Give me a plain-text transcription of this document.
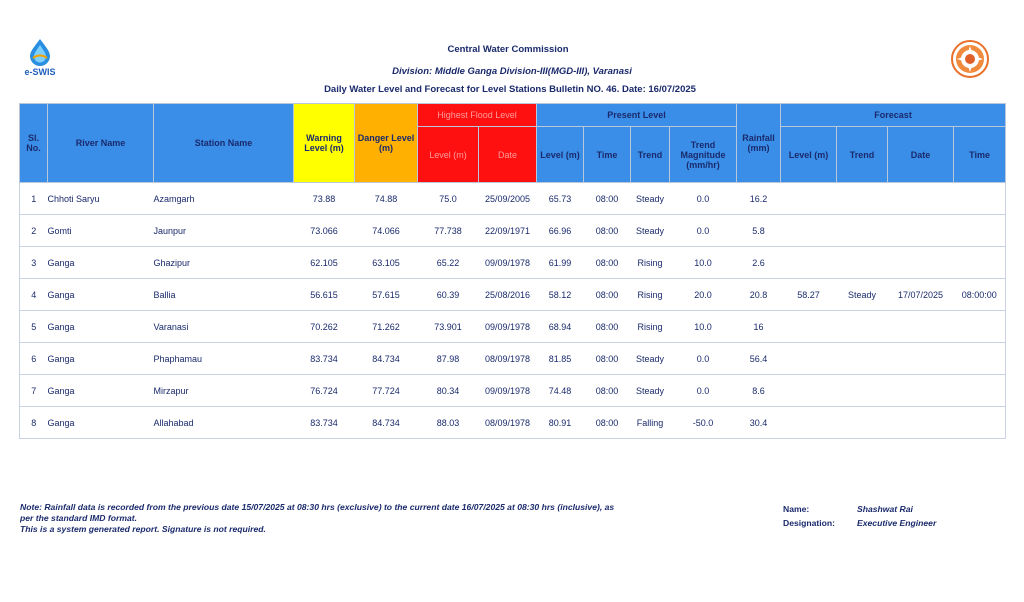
e-SWIS
Central Water Commission
Division: Middle Ganga Division-III(MGD-III), Varanasi
Daily Water Level and Forecast for Level Stations Bulletin NO. 46. Date: 16/07/2025
Sl. No.	River Name	Station Name	Warning Level (m)	Danger Level (m)	Highest Flood Level		Present Level				Rainfall (mm)	Forecast			
					Level (m)	Date	Level (m)	Time	Trend	Trend Magnitude (mm/hr)		Level (m)	Trend	Date	Time
1	Chhoti Saryu	Azamgarh	73.88	74.88	75.0	25/09/2005	65.73	08:00	Steady	0.0	16.2				
2	Gomti	Jaunpur	73.066	74.066	77.738	22/09/1971	66.96	08:00	Steady	0.0	5.8				
3	Ganga	Ghazipur	62.105	63.105	65.22	09/09/1978	61.99	08:00	Rising	10.0	2.6				
4	Ganga	Ballia	56.615	57.615	60.39	25/08/2016	58.12	08:00	Rising	20.0	20.8	58.27	Steady	17/07/2025	08:00:00
5	Ganga	Varanasi	70.262	71.262	73.901	09/09/1978	68.94	08:00	Rising	10.0	16				
6	Ganga	Phaphamau	83.734	84.734	87.98	08/09/1978	81.85	08:00	Steady	0.0	56.4				
7	Ganga	Mirzapur	76.724	77.724	80.34	09/09/1978	74.48	08:00	Steady	0.0	8.6				
8	Ganga	Allahabad	83.734	84.734	88.03	08/09/1978	80.91	08:00	Falling	-50.0	30.4				
Note: Rainfall data is recorded from the previous date 15/07/2025 at 08:30 hrs (exclusive) to the current date 16/07/2025 at 08:30 hrs (inclusive), as
per the standard IMD format.
This is a system generated report. Signature is not required.
Name:	Shashwat Rai
Designation:	Executive Engineer
